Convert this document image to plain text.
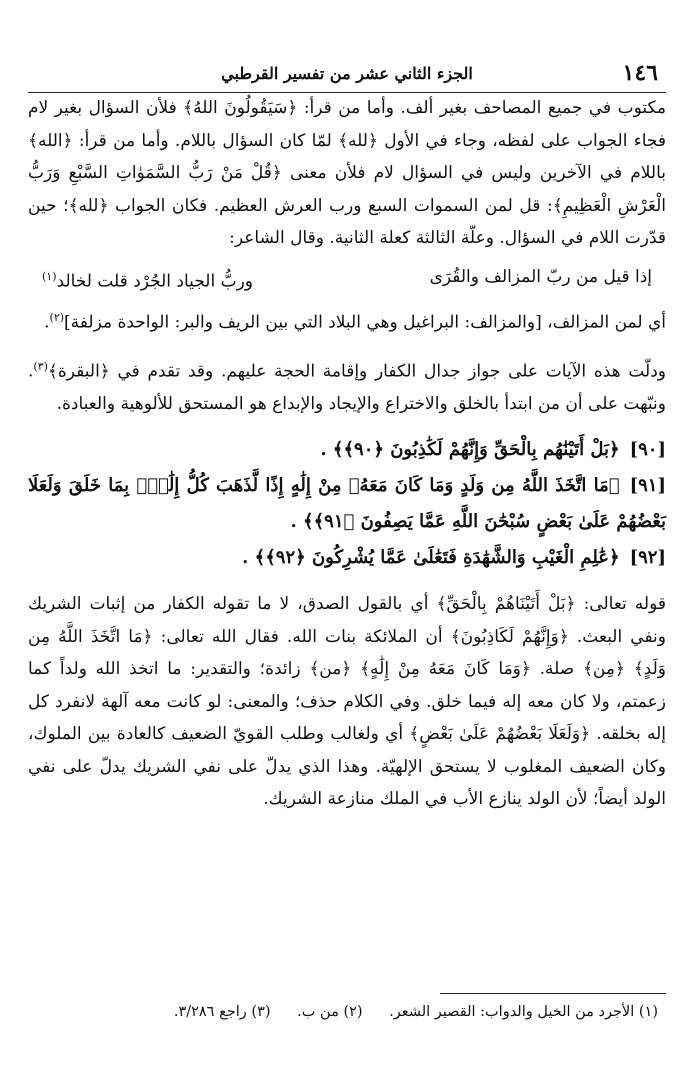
١٤٦
الجزء الثاني عشر من تفسير القرطبي

مكتوب في جميع المصاحف بغير ألف. وأما من قرأ: ﴿سَيَقُولُونَ اللهُ﴾ فلأن السؤال بغير لام فجاء الجواب على لفظه، وجاء في الأول ﴿لله﴾ لمّا كان السؤال باللام. وأما من قرأ: ﴿الله﴾ باللام في الآخرين وليس في السؤال لام فلأن معنى ﴿قُلْ مَنْ رَبُّ السَّمَوٰاتِ السَّبْعِ وَرَبُّ الْعَرْشِ الْعَظِيمِ﴾: قل لمن السموات السبع ورب العرش العظيم. فكان الجواب ﴿لله﴾؛ حين قدّرت اللام في السؤال. وعلّة الثالثة كعلة الثانية. وقال الشاعر:

إذا قيل من ربّ المزالف والقُرَى
وربُّ الجياد الجُرْد قلت لخالد$^{(١)}$

أي لمن المزالف، [والمزالف: البراغيل وهي البلاد التي بين الريف والبر: الواحدة مزلفة]$^{(٢)}$.

ودلّت هذه الآيات على جواز جدال الكفار وإقامة الحجة عليهم. وقد تقدم في ﴿البقرة﴾$^{(٣)}$. ونبّهت على أن من ابتدأ بالخلق والاختراع والإيجاد والإبداع هو المستحق للألوهية والعبادة.

[٩٠]﴿بَلْ أَتَيْنَٰهُم بِالْحَقِّ وَإِنَّهُمْ لَكَٰذِبُونَ ﴿٩٠﴾﴾ .

[٩١]﴿مَا اتَّخَذَ اللَّهُ مِن وَلَدٍ وَمَا كَانَ مَعَهُۥ مِنْ إِلَٰهٍ إِذًا لَّذَهَبَ كُلُّ إِلَٰهٍۭ بِمَا خَلَقَ وَلَعَلَا بَعْضُهُمْ عَلَىٰ بَعْضٍ سُبْحَٰنَ اللَّهِ عَمَّا يَصِفُونَ ﴿٩١﴾﴾ .

[٩٢]﴿عَٰلِمِ الْغَيْبِ وَالشَّهَٰدَةِ فَتَعَٰلَىٰ عَمَّا يُشْرِكُونَ ﴿٩٢﴾﴾ .

قوله تعالى: ﴿بَلْ أَتَيْنَاهُمْ بِالْحَقِّ﴾ أي بالقول الصدق، لا ما تقوله الكفار من إثبات الشريك ونفي البعث. ﴿وَإِنَّهُمْ لَكَاذِبُونَ﴾ أن الملائكة بنات الله. فقال الله تعالى: ﴿مَا اتَّخَذَ اللَّهُ مِن وَلَدٍ﴾ ﴿مِن﴾ صلة. ﴿وَمَا كَانَ مَعَهُ مِنْ إِلَٰهٍ﴾ ﴿من﴾ زائدة؛ والتقدير: ما اتخذ الله ولداً كما زعمتم، ولا كان معه إله فيما خلق. وفي الكلام حذف؛ والمعنى: لو كانت معه آلهة لانفرد كل إله بخلقه. ﴿وَلَعَلَا بَعْضُهُمْ عَلَىٰ بَعْضٍ﴾ أي ولغالب وطلب القويّ الضعيف كالعادة بين الملوك، وكان الضعيف المغلوب لا يستحق الإلهيّة. وهذا الذي يدلّ على نفي الشريك يدلّ على نفي الولد أيضاً؛ لأن الولد ينازع الأب في الملك منازعة الشريك.

(١) الأجرد من الخيل والدواب: القصير الشعر. (٢) من ب. (٣) راجع ٣/٢٨٦.
